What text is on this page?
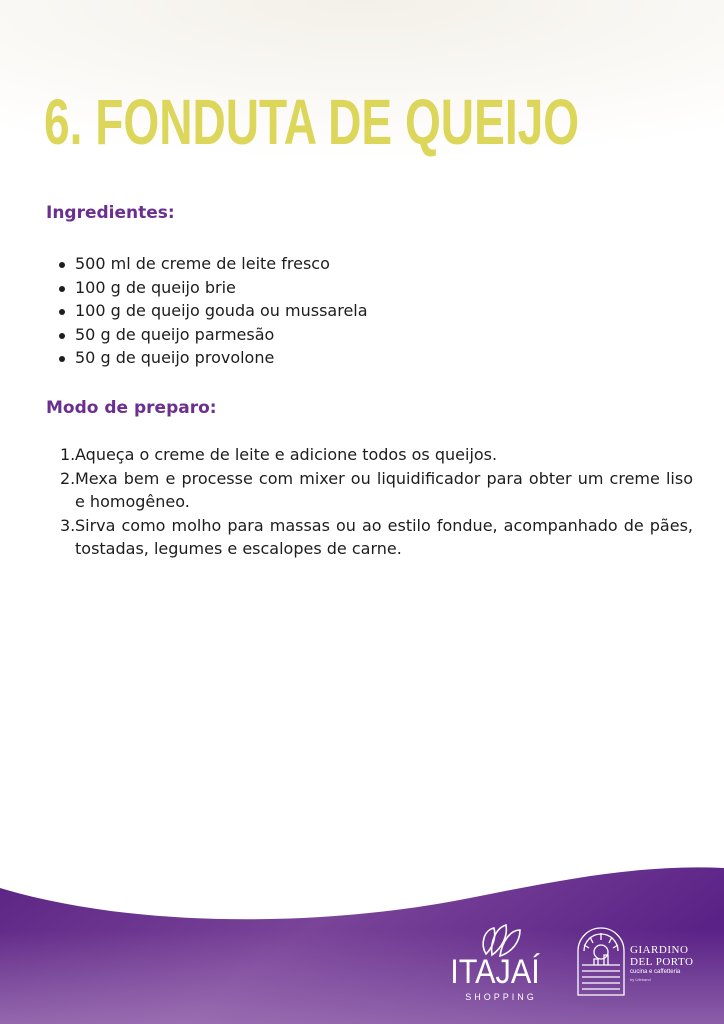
6. FONDUTA DE QUEIJO
Ingredientes:
500 ml de creme de leite fresco
100 g de queijo brie
100 g de queijo gouda ou mussarela
50 g de queijo parmesão
50 g de queijo provolone
Modo de preparo:
1. Aqueça o creme de leite e adicione todos os queijos.
2. Mexa bem e processe com mixer ou liquidificador para obter um creme liso e homogêneo.
3. Sirva como molho para massas ou ao estilo fondue, acompanhado de pães, tostadas, legumes e escalopes de carne.
ITAJAÍ
SHOPPING
GIARDINO
DEL PORTO
cucina e caffetteria
by Lifeband
